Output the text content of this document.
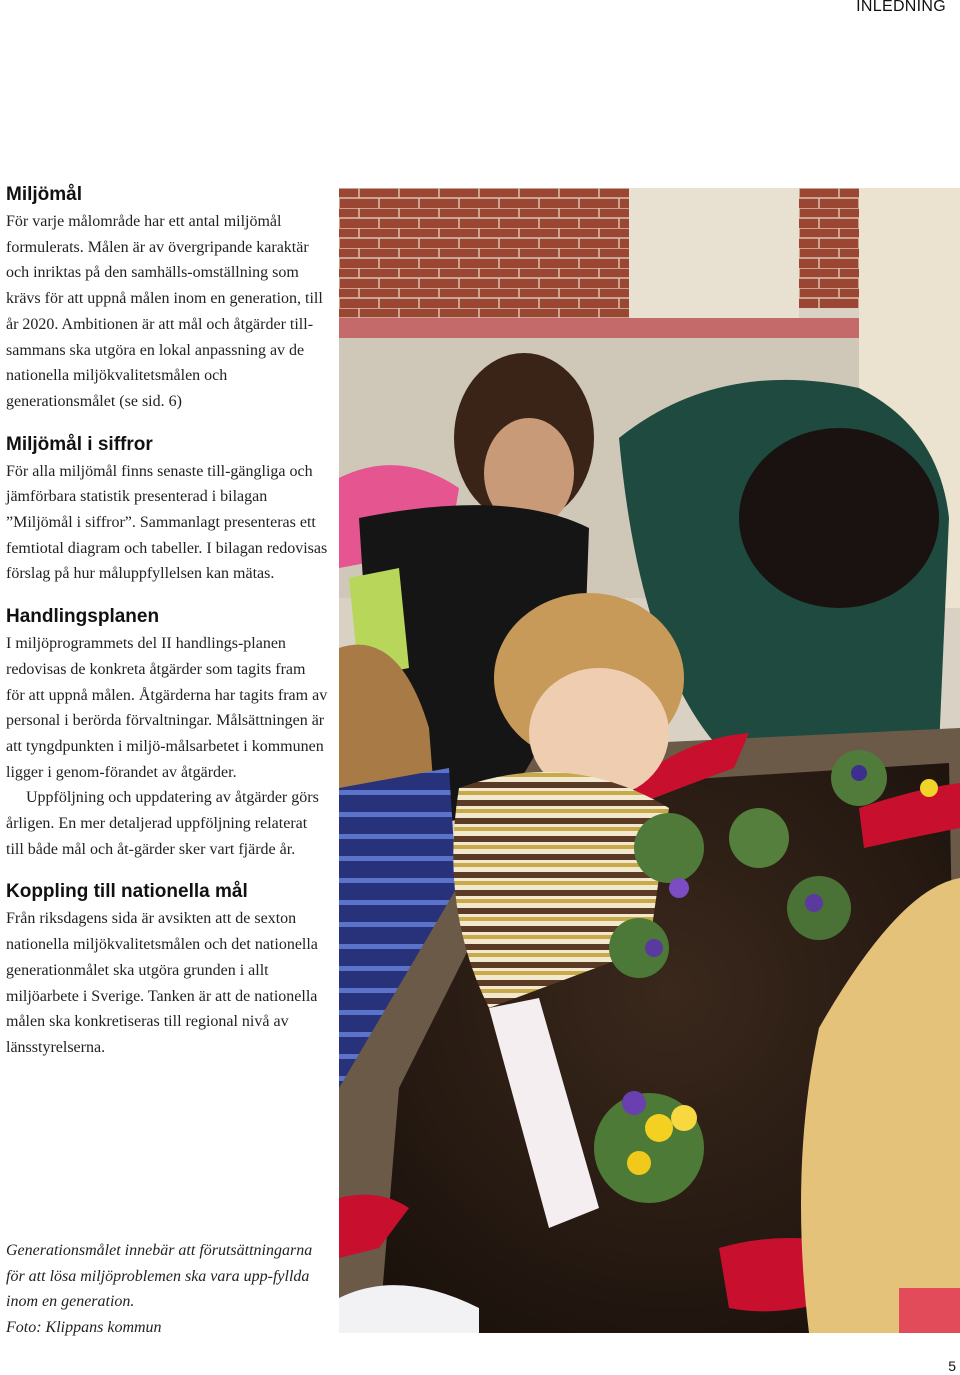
INLEDNING
Miljömål

För varje målområde har ett antal miljömål formulerats. Målen är av övergripande karaktär och inriktas på den samhälls-omställning som krävs för att uppnå målen inom en generation, till år 2020. Ambitionen är att mål och åtgärder till-sammans ska utgöra en lokal anpassning av de nationella miljökvalitetsmålen och generationsmålet (se sid. 6)

Miljömål i siffror

För alla miljömål finns senaste till-gängliga och jämförbara statistik presenterad i bilagan ”Miljömål i siffror”. Sammanlagt presenteras ett femtiotal diagram och tabeller. I bilagan redovisas förslag på hur måluppfyllelsen kan mätas.

Handlingsplanen

I miljöprogrammets del II handlings-planen redovisas de konkreta åtgärder som tagits fram för att uppnå målen. Åtgärderna har tagits fram av personal i berörda förvaltningar. Målsättningen är att tyngdpunkten i miljö-målsarbetet i kommunen ligger i genom-förandet av åtgärder.

Uppföljning och uppdatering av åtgärder görs årligen. En mer detaljerad uppföljning relaterat till både mål och åt-gärder sker vart fjärde år.

Koppling till nationella mål

Från riksdagens sida är avsikten att de sexton nationella miljökvalitetsmålen och det nationella generationmålet ska utgöra grunden i allt miljöarbete i Sverige. Tanken är att de nationella målen ska konkretiseras till regional nivå av länsstyrelserna.

Generationsmålet innebär att förutsättningarna för att lösa miljöproblemen ska vara upp-fyllda inom en generation.
Foto: Klippans kommun

5
